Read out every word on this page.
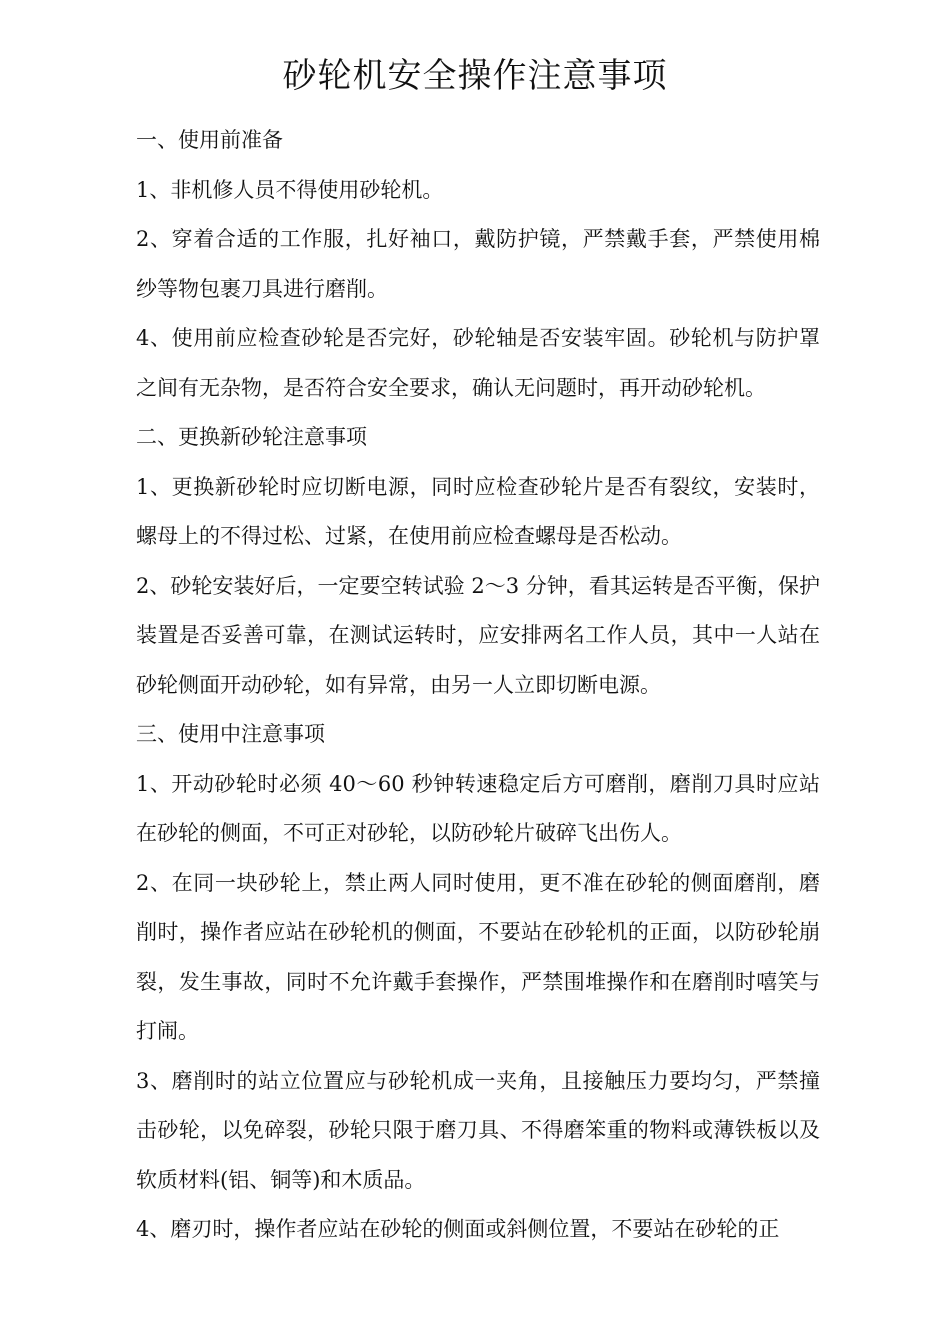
砂轮机安全操作注意事项

一、使用前准备

1、非机修人员不得使用砂轮机。

2、穿着合适的工作服，扎好袖口，戴防护镜，严禁戴手套，严禁使用棉纱等物包裹刀具进行磨削。

4、使用前应检查砂轮是否完好，砂轮轴是否安装牢固。砂轮机与防护罩之间有无杂物，是否符合安全要求，确认无问题时，再开动砂轮机。

二、更换新砂轮注意事项

1、更换新砂轮时应切断电源，同时应检查砂轮片是否有裂纹，安装时，螺母上的不得过松、过紧，在使用前应检查螺母是否松动。

2、砂轮安装好后，一定要空转试验 2～3 分钟，看其运转是否平衡，保护装置是否妥善可靠，在测试运转时，应安排两名工作人员，其中一人站在砂轮侧面开动砂轮，如有异常，由另一人立即切断电源。

三、使用中注意事项

1、开动砂轮时必须 40～60 秒钟转速稳定后方可磨削，磨削刀具时应站在砂轮的侧面，不可正对砂轮，以防砂轮片破碎飞出伤人。

2、在同一块砂轮上，禁止两人同时使用，更不准在砂轮的侧面磨削，磨削时，操作者应站在砂轮机的侧面，不要站在砂轮机的正面，以防砂轮崩裂，发生事故，同时不允许戴手套操作，严禁围堆操作和在磨削时嘻笑与打闹。

3、磨削时的站立位置应与砂轮机成一夹角，且接触压力要均匀，严禁撞击砂轮，以免碎裂，砂轮只限于磨刀具、不得磨笨重的物料或薄铁板以及软质材料(铝、铜等)和木质品。

4、磨刃时，操作者应站在砂轮的侧面或斜侧位置，不要站在砂轮的正
